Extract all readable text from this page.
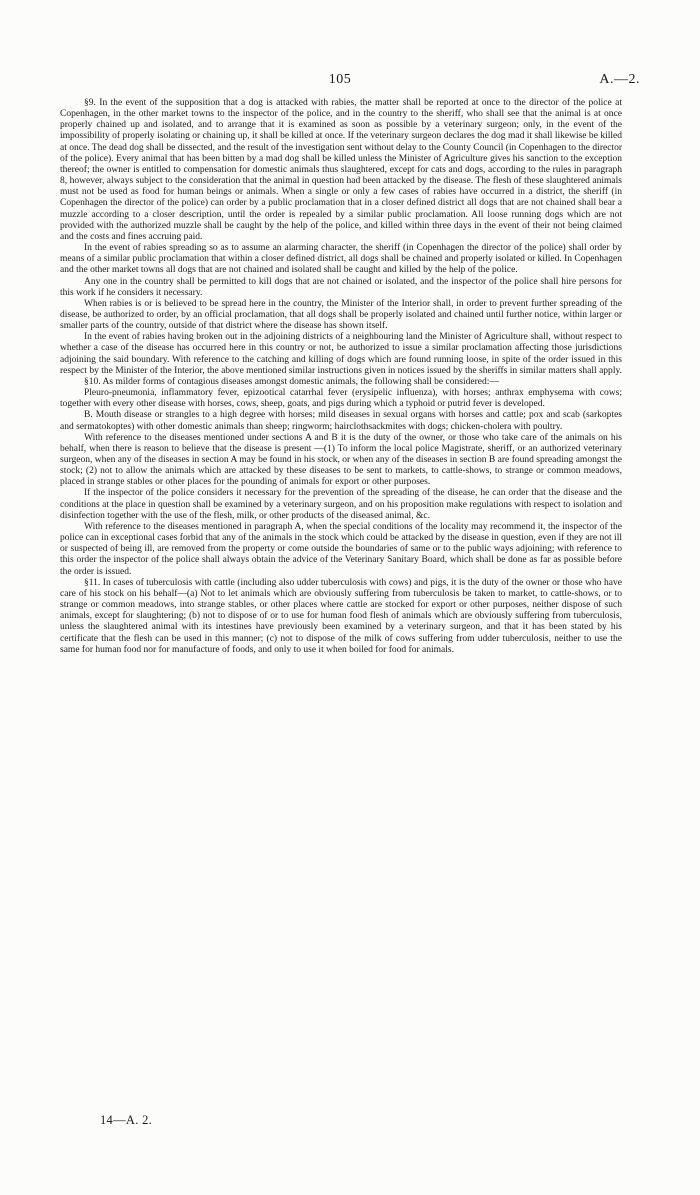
105	A.—2.

§9. In the event of the supposition that a dog is attacked with rabies, the matter shall be reported at once to the director of the police at Copenhagen, in the other market towns to the inspector of the police, and in the country to the sheriff, who shall see that the animal is at once properly chained up and isolated, and to arrange that it is examined as soon as possible by a veterinary surgeon; only, in the event of the impossibility of properly isolating or chaining up, it shall be killed at once. If the veterinary surgeon declares the dog mad it shall likewise be killed at once. The dead dog shall be dissected, and the result of the investigation sent without delay to the County Council (in Copenhagen to the director of the police). Every animal that has been bitten by a mad dog shall be killed unless the Minister of Agriculture gives his sanction to the exception thereof; the owner is entitled to compensation for domestic animals thus slaughtered, except for cats and dogs, according to the rules in paragraph 8, however, always subject to the consideration that the animal in question had been attacked by the disease. The flesh of these slaughtered animals must not be used as food for human beings or animals. When a single or only a few cases of rabies have occurred in a district, the sheriff (in Copenhagen the director of the police) can order by a public proclamation that in a closer defined district all dogs that are not chained shall bear a muzzle according to a closer description, until the order is repealed by a similar public proclamation. All loose running dogs which are not provided with the authorized muzzle shall be caught by the help of the police, and killed within three days in the event of their not being claimed and the costs and fines accruing paid.

In the event of rabies spreading so as to assume an alarming character, the sheriff (in Copenhagen the director of the police) shall order by means of a similar public proclamation that within a closer defined district, all dogs shall be chained and properly isolated or killed. In Copenhagen and the other market towns all dogs that are not chained and isolated shall be caught and killed by the help of the police.

Any one in the country shall be permitted to kill dogs that are not chained or isolated, and the inspector of the police shall hire persons for this work if he considers it necessary.

When rabies is or is believed to be spread here in the country, the Minister of the Interior shall, in order to prevent further spreading of the disease, be authorized to order, by an official proclamation, that all dogs shall be properly isolated and chained until further notice, within larger or smaller parts of the country, outside of that district where the disease has shown itself.

In the event of rabies having broken out in the adjoining districts of a neighbouring land the Minister of Agriculture shall, without respect to whether a case of the disease has occurred here in this country or not, be authorized to issue a similar proclamation affecting those jurisdictions adjoining the said boundary. With reference to the catching and killing of dogs which are found running loose, in spite of the order issued in this respect by the Minister of the Interior, the above mentioned similar instructions given in notices issued by the sheriffs in similar matters shall apply.

§10. As milder forms of contagious diseases amongst domestic animals, the following shall be considered:—

Pleuro-pneumonia, inflammatory fever, epizootical catarrhal fever (erysipelic influenza), with horses; anthrax emphysema with cows; together with every other disease with horses, cows, sheep, goats, and pigs during which a typhoid or putrid fever is developed.

B. Mouth disease or strangles to a high degree with horses; mild diseases in sexual organs with horses and cattle; pox and scab (sarkoptes and sermatokoptes) with other domestic animals than sheep; ringworm; hairclothsackmites with dogs; chicken-cholera with poultry.

With reference to the diseases mentioned under sections A and B it is the duty of the owner, or those who take care of the animals on his behalf, when there is reason to believe that the disease is present —(1) To inform the local police Magistrate, sheriff, or an authorized veterinary surgeon, when any of the diseases in section A may be found in his stock, or when any of the diseases in section B are found spreading amongst the stock; (2) not to allow the animals which are attacked by these diseases to be sent to markets, to cattle-shows, to strange or common meadows, placed in strange stables or other places for the pounding of animals for export or other purposes.

If the inspector of the police considers it necessary for the prevention of the spreading of the disease, he can order that the disease and the conditions at the place in question shall be examined by a veterinary surgeon, and on his proposition make regulations with respect to isolation and disinfection together with the use of the flesh, milk, or other products of the diseased animal, &c.

With reference to the diseases mentioned in paragraph A, when the special conditions of the locality may recommend it, the inspector of the police can in exceptional cases forbid that any of the animals in the stock which could be attacked by the disease in question, even if they are not ill or suspected of being ill, are removed from the property or come outside the boundaries of same or to the public ways adjoining; with reference to this order the inspector of the police shall always obtain the advice of the Veterinary Sanitary Board, which shall be done as far as possible before the order is issued.

§11. In cases of tuberculosis with cattle (including also udder tuberculosis with cows) and pigs, it is the duty of the owner or those who have care of his stock on his behalf—(a) Not to let animals which are obviously suffering from tuberculosis be taken to market, to cattle-shows, or to strange or common meadows, into strange stables, or other places where cattle are stocked for export or other purposes, neither dispose of such animals, except for slaughtering; (b) not to dispose of or to use for human food flesh of animals which are obviously suffering from tuberculosis, unless the slaughtered animal with its intestines have previously been examined by a veterinary surgeon, and that it has been stated by his certificate that the flesh can be used in this manner; (c) not to dispose of the milk of cows suffering from udder tuberculosis, neither to use the same for human food nor for manufacture of foods, and only to use it when boiled for food for animals.

14—A. 2.
